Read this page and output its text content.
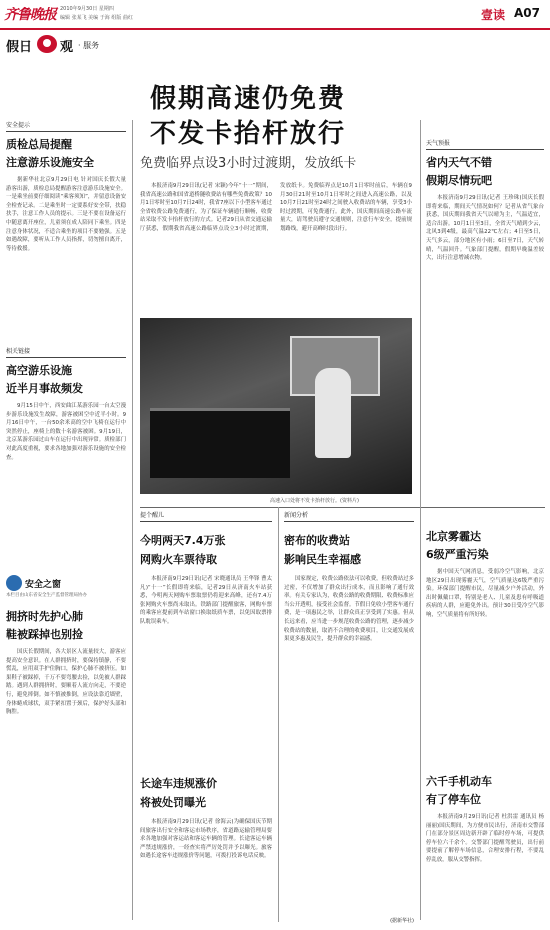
齐鲁晚报 2010年9月30日 星期四
编辑 张某飞 美编 于海 组版 曲红	壹读 A07
假日 观 · 服务
假期高速仍免费
不发卡抬杆放行
免费临界点设3小时过渡期，发放纸卡
安全提示
质检总局提醒
注意游乐设施安全
据新华社北京9月29日电 针对国庆长假大量游客出游，质检总局提醒游客注意游乐设施安全。一是乘坐前要仔细阅读“乘客须知”，并留意设备安全检查记录。二是乘坐时一定要系好安全带，扶稳扶手，注意工作人员的提示。三是不要在设备运行中随意离开座位，儿童须在成人陪同下乘坐。四是注意身体状况，不适合乘坐的项目不要勉强。五是如遇故障，要听从工作人员指挥，切勿擅自离开，等待救援。
相关链接
高空游乐设施
近半月事故频发
9月15日中午，西安曲江某游乐园一台太空漫步游乐设施发生故障，游客被困空中近半小时。9月16日中午，一台50余米高的空中飞椅在运行中突然停止，座椅上的数十名游客被困。9月19日，北京某游乐园过山车在运行中出现异常。质检部门对此高度重视，要求各地加强对游乐设施的安全检查。
安全之窗
本栏目由山东省安全生产监督管理局协办
拥挤时先护心肺
鞋被踩掉也别捡
国庆长假期间，各大景区人流量较大，游客应提高安全意识。在人群拥挤时，要保持镇静，不要慌乱，应用双手护住胸口，保护心肺不被挤压。如果鞋子被踩掉，千万不要弯腰去捡，以免被人群踩踏。遇到人群拥挤时，要顺着人流方向走，不要逆行，避免摔倒。如不慎被推倒，应设法靠近墙壁，身体蜷成球状，双手紧扣置于颈后，保护好头部和胸腔。
本报济南9月29日讯(记者 宋颖)今年“十一”期间，我省高速公路和国省道桥隧收费站有哪些免费政策？10月1日零时至10月7日24时，我省7座以下小型客车通过全省收费公路免费通行，为了保证车辆通行顺畅，收费站采取不发卡抬杆放行的方式。记者29日从省交通运输厅获悉，假期我省高速公路临界点设立3小时过渡期，发放纸卡。免费临界点是10月1日零时前后，车辆在9月30日21时至10月1日零时之间进入高速公路，以及10月7日21时至24时之间驶入收费站的车辆，享受3小时过渡期，可免费通行。此外，国庆期间高速公路车流量大，请驾驶员遵守交通规则，注意行车安全，提前规划路线，避开高峰时段出行。
高速入口处将不发卡抬杆放行。(资料片)
提个醒儿
今明两天7.4万张
网购火车票待取
本报济南9月29日讯(记者 宋晓通讯员 王华锋 曹太凡)“十一”长假即将来临，记者29日从济南火车站获悉，今明两天网购车票取票仍将迎来高峰，还有7.4万张网购火车票尚未取出。铁路部门提醒旅客，网购车票的乘客应提前到车站窗口换取纸质车票，以免因取票排队耽误乘车。
长途车违规涨价
将被处罚曝光
本报济南9月29日讯(记者 徐海云)为确保国庆节期间旅客出行安全和客运市场秩序，省道路运输管理局要求各地加强对客运站和客运车辆的管理。长途客运车辆严禁违规涨价，一经查实将严厉处罚并予以曝光。旅客如遇长途客车违规涨价等问题，可拨打投诉电话反映。
新闻分析
密布的收费站
影响民生幸福感
国家规定，收费公路依法可以收费，但收费站过多过密，不仅增加了群众出行成本，而且影响了通行效率。有关专家认为，收费公路的收费期限、收费标准应当公开透明，接受社会监督。节假日免收小型客车通行费，是一项惠民之举，让群众真正享受到了实惠。但从长远来看，应当进一步规范收费公路的管理，逐步减少收费站的数量，取消不合理的收费项目，让交通发展成果更多惠及民生，提升群众的幸福感。
(据新华社)
天气预报
省内天气不错
假期尽情玩吧
本报济南9月29日讯(记者 王珍珠)国庆长假即将来临，期间天气情况如何？记者从省气象台获悉，国庆期间我省天气以晴为主，气温适宜，适合出游。10月1日至3日，全省天气晴到少云，北风3到4级，最高气温22℃左右；4日至5日，天气多云，部分地区有小雨；6日至7日，天气转晴，气温回升。气象部门提醒，假期早晚温差较大，出行注意增减衣物。
北京雾霾达
6级严重污染
据中国天气网消息，受弱冷空气影响，北京地区29日出现雾霾天气，空气质量达6级严重污染。环保部门提醒市民，尽量减少户外活动，外出时佩戴口罩，特别是老人、儿童及患有呼吸道疾病的人群，应避免外出。预计30日受冷空气影响，空气质量将有所好转。
六千手机动车
有了停车位
本报济南9月29日讯(记者 杜洪雷 通讯员 杨丽丽)国庆期间，为方便市民出行，济南市交警部门在部分景区周边新开辟了临时停车场，可提供停车位六千余个。交警部门提醒驾驶员，出行前要提前了解停车场信息，合理安排行程，不要乱停乱放，服从交警指挥。
